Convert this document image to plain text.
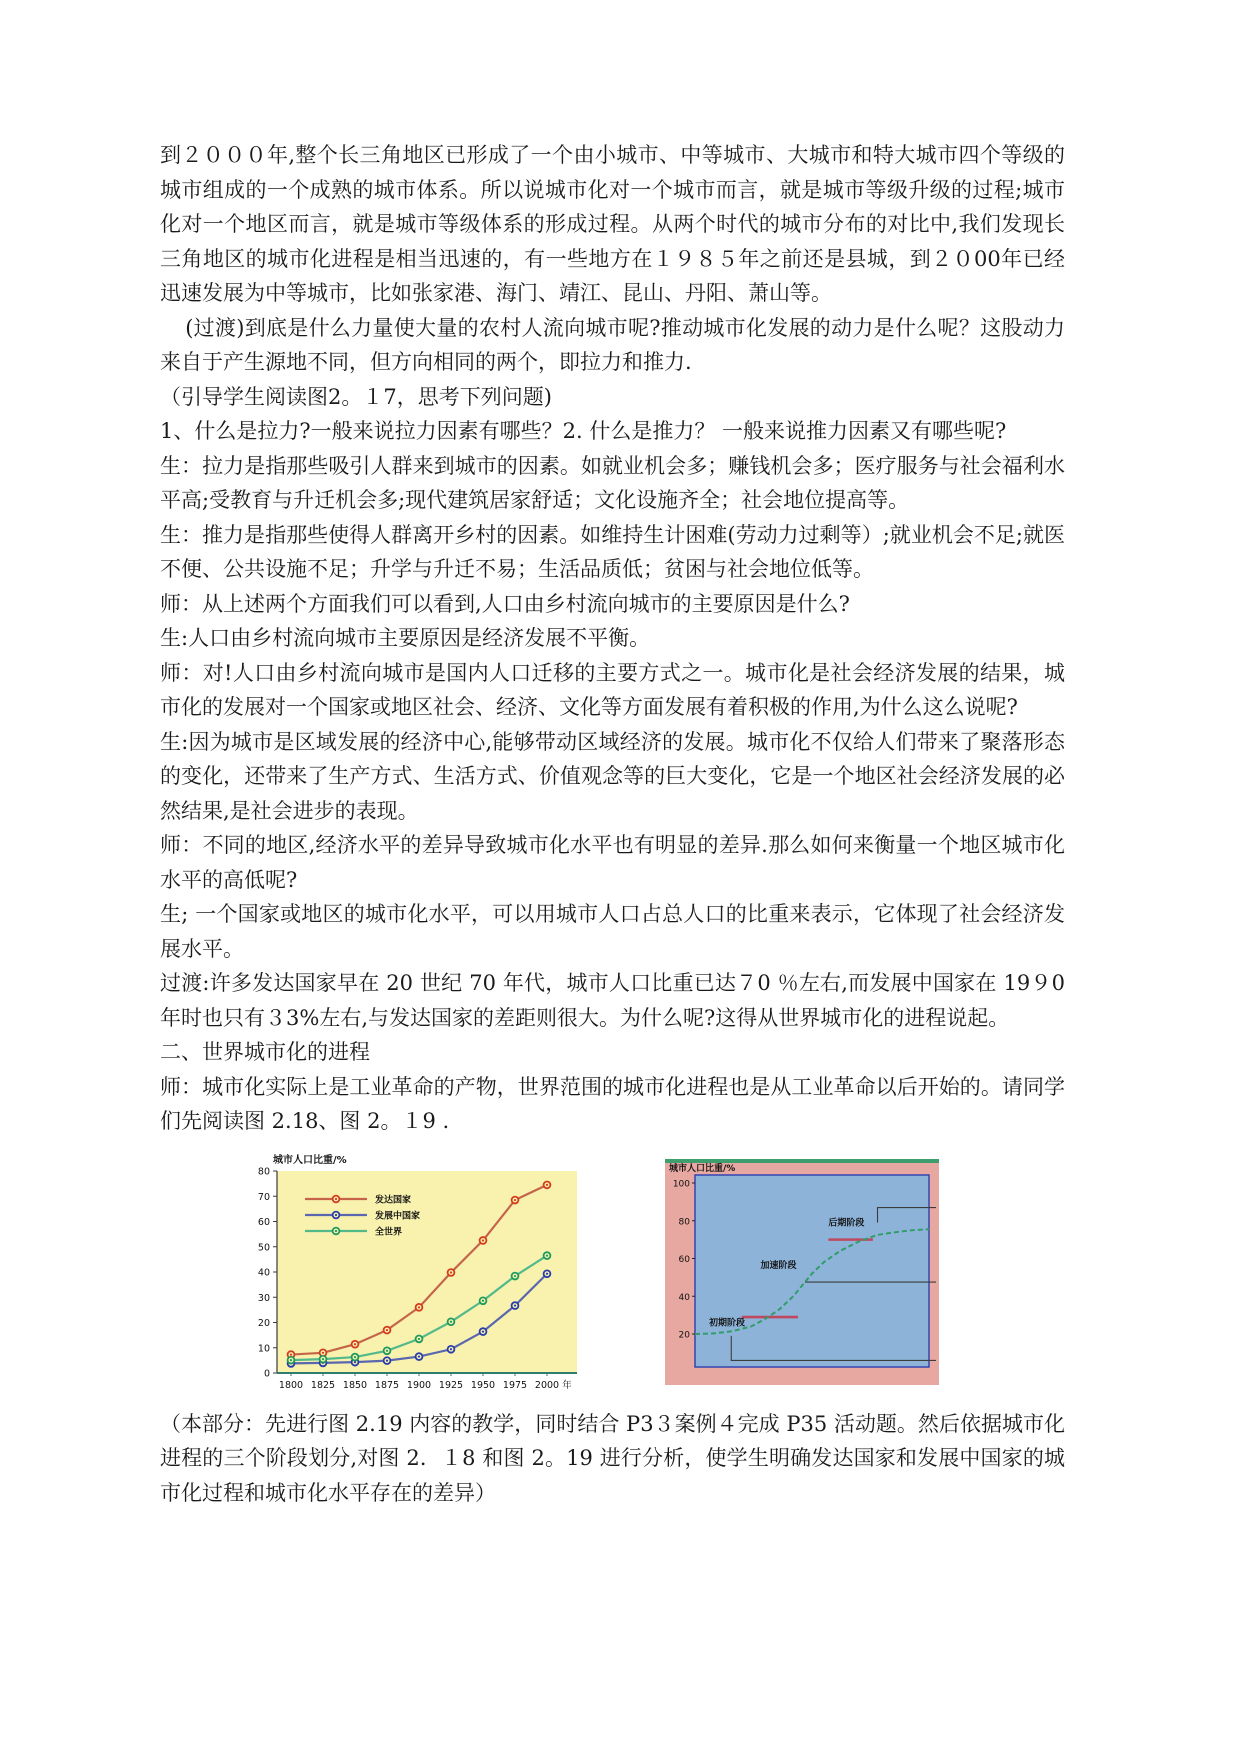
到２０００年,整个长三角地区已形成了一个由小城市、中等城市、大城市和特大城市四个等级的城市组成的一个成熟的城市体系。所以说城市化对一个城市而言，就是城市等级升级的过程;城市化对一个地区而言，就是城市等级体系的形成过程。从两个时代的城市分布的对比中,我们发现长三角地区的城市化进程是相当迅速的，有一些地方在１９８５年之前还是县城，到２０00年已经迅速发展为中等城市，比如张家港、海门、靖江、昆山、丹阳、萧山等。

(过渡)到底是什么力量使大量的农村人流向城市呢?推动城市化发展的动力是什么呢？这股动力来自于产生源地不同，但方向相同的两个，即拉力和推力.

（引导学生阅读图2。１7，思考下列问题)

1、什么是拉力?一般来说拉力因素有哪些？2. 什么是推力？ 一般来说推力因素又有哪些呢?

生：拉力是指那些吸引人群来到城市的因素。如就业机会多；赚钱机会多；医疗服务与社会福利水平高;受教育与升迁机会多;现代建筑居家舒适；文化设施齐全；社会地位提高等。

生：推力是指那些使得人群离开乡村的因素。如维持生计困难(劳动力过剩等）;就业机会不足;就医不便、公共设施不足；升学与升迁不易；生活品质低；贫困与社会地位低等。

师：从上述两个方面我们可以看到,人口由乡村流向城市的主要原因是什么?

生:人口由乡村流向城市主要原因是经济发展不平衡。

师：对!人口由乡村流向城市是国内人口迁移的主要方式之一。城市化是社会经济发展的结果，城市化的发展对一个国家或地区社会、经济、文化等方面发展有着积极的作用,为什么这么说呢?

生:因为城市是区域发展的经济中心,能够带动区域经济的发展。城市化不仅给人们带来了聚落形态的变化，还带来了生产方式、生活方式、价值观念等的巨大变化，它是一个地区社会经济发展的必然结果,是社会进步的表现。

师：不同的地区,经济水平的差异导致城市化水平也有明显的差异.那么如何来衡量一个地区城市化水平的高低呢?

生; 一个国家或地区的城市化水平，可以用城市人口占总人口的比重来表示，它体现了社会经济发展水平。

过渡:许多发达国家早在 20 世纪 70 年代，城市人口比重已达７0 ％左右,而发展中国家在 19９0 年时也只有３3%左右,与发达国家的差距则很大。为什么呢?这得从世界城市化的进程说起。

二、世界城市化的进程

师：城市化实际上是工业革命的产物，世界范围的城市化进程也是从工业革命以后开始的。请同学们先阅读图 2.18、图 2。１9 .

城市人口比重/%
0
10
20
30
40
50
60
70
80
1800 1825 1850 1875 1900 1925 1950 1975 2000 年
发达国家
发展中国家
全世界
城市人口比重/%
20
40
60
80
100
初期阶段
加速阶段
后期阶段

（本部分：先进行图 2.19 内容的教学，同时结合 P3３案例４完成 P35 活动题。然后依据城市化进程的三个阶段划分,对图 2．１8 和图 2。19 进行分析，使学生明确发达国家和发展中国家的城市化过程和城市化水平存在的差异）
